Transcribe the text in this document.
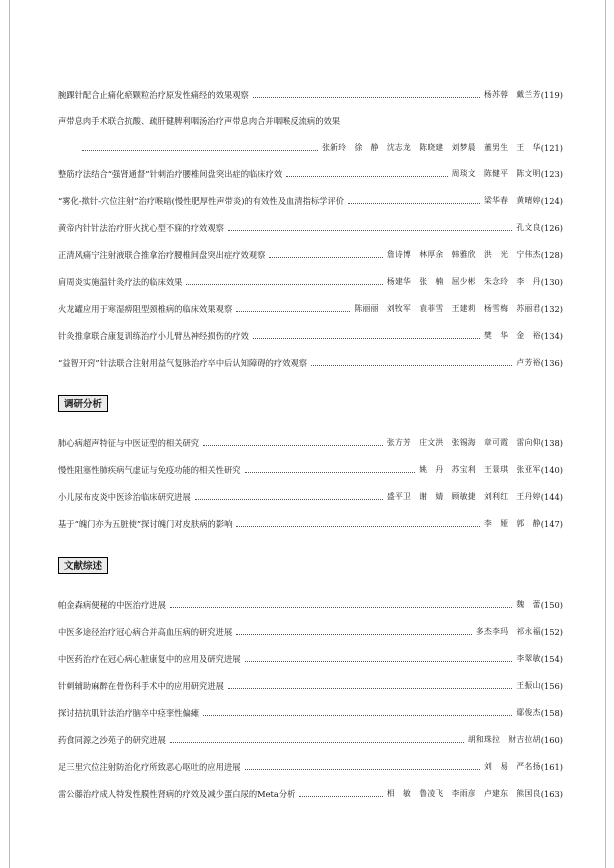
腕踝针配合止痛化瘀颗粒治疗原发性痛经的效果观察	杨苏蓉　戴兰芳 (119)
声带息肉手术联合抗酸、疏肝健脾利咽汤治疗声带息肉合并咽喉反流病的效果
张新玲　徐　静　沈志龙　陈晓建　刘梦晨　董男生　王　华 (121)
整筋疗法结合“强肾通督”针刺治疗腰椎间盘突出症的临床疗效	周琰文　陈健平　陈文明 (123)
“雾化-揿针-穴位注射”治疗喉暗(慢性肥厚性声带炎)的有效性及血清指标学评价	梁华春　黄晴婷 (124)
黄帝内针针法治疗肝火扰心型不寐的疗效观察	孔文良 (126)
正清风痛宁注射液联合推拿治疗腰椎间盘突出症疗效观察	詹诗博　林厚余　韩雅欣　洪　光　宁伟杰 (128)
肩周炎实施温针灸疗法的临床效果	杨建华　张　楠　屈少彬　朱念玲　李　丹 (130)
火龙罐应用于寒湿痹阻型颈椎病的临床效果观察	陈丽丽　刘牧军　袁菲雪　王建莉　杨雪梅　苏丽君 (132)
针灸推拿联合康复训练治疗小儿臂丛神经损伤的疗效	樊　华　金　裕 (134)
“益智开窍”针法联合注射用益气复脉治疗卒中后认知障碍的疗效观察	卢芳裕 (136)
调研分析
肺心病超声特征与中医证型的相关研究	张方芳　庄文洪　张锡海　章可霞　雷向仰 (138)
慢性阻塞性肺疾病气虚证与免疫功能的相关性研究	姚　丹　苏宝利　王景琪　张亚军 (140)
小儿尿布皮炎中医诊治临床研究进展	盛平卫　谢　婧　顾敏捷　刘利红　王丹婷 (144)
基于“魄门亦为五脏使”探讨魄门对皮肤病的影响	李　娅　郭　静 (147)
文献综述
帕金森病便秘的中医治疗进展	魏　蕾 (150)
中医多途径治疗冠心病合并高血压病的研究进展	多杰李玛　祁永福 (152)
中医药治疗在冠心病心脏康复中的应用及研究进展	李翠敏 (154)
针刺辅助麻醉在骨伤科手术中的应用研究进展	王振山 (156)
探讨拮抗肌针法治疗脑卒中痉挛性偏瘫	鄢俊杰 (158)
药食同源之沙苑子的研究进展	胡和珠拉　财吉拉胡 (160)
足三里穴位注射防治化疗所致恶心呕吐的应用进展	刘　易　严名扬 (161)
雷公藤治疗成人特发性膜性肾病的疗效及减少蛋白尿的Meta分析	相　敏　鲁凌飞　李雨彦　卢建东　熊国良 (163)
